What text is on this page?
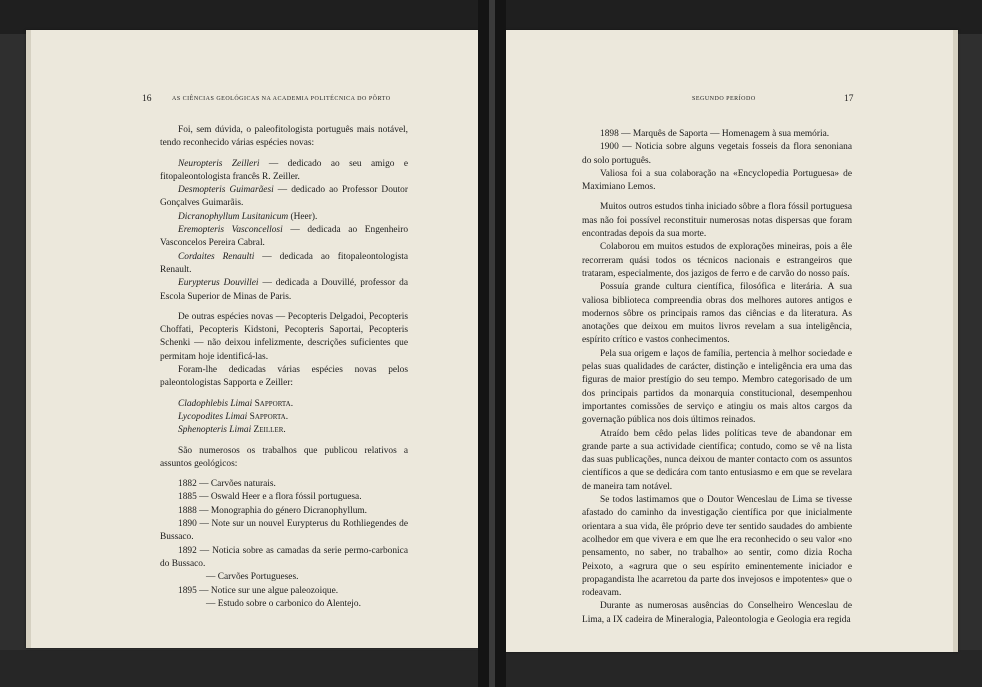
16	AS CIÊNCIAS GEOLÓGICAS NA ACADEMIA POLITÉCNICA DO PÔRTO

Foi, sem dúvida, o paleofitologista português mais notável, tendo reconhecido várias espécies novas:

Neuropteris Zeilleri — dedicado ao seu amigo e fitopaleontologista francês R. Zeiller.

Desmopteris Guimarãesi — dedicado ao Professor Doutor Gonçalves Guimarãis.

Dicranophyllum Lusitanicum (Heer).

Eremopteris Vasconcellosi — dedicada ao Engenheiro Vasconcelos Pereira Cabral.

Cordaites Renaulti — dedicada ao fitopaleontologista Renault.

Eurypterus Douvillei — dedicada a Douvillé, professor da Escola Superior de Minas de Paris.

De outras espécies novas — Pecopteris Delgadoi, Pecopteris Choffati, Pecopteris Kidstoni, Pecopteris Saportai, Pecopteris Schenki — não deixou infelizmente, descrições suficientes que permitam hoje identificá-las.

Foram-lhe dedicadas várias espécies novas pelos paleontologistas Sapporta e Zeiller:

Cladophlebis Limai Sapporta.

Lycopodites Limai Sapporta.

Sphenopteris Limai Zeiller.

São numerosos os trabalhos que publicou relativos a assuntos geológicos:

1882 — Carvões naturais.

1885 — Oswald Heer e a flora fóssil portuguesa.

1888 — Monographia do género Dicranophyllum.

1890 — Note sur un nouvel Eurypterus du Rothliegendes de Bussaco.

1892 — Noticia sobre as camadas da serie permo-carbonica do Bussaco.

— Carvões Portugueses.

1895 — Notice sur une algue paleozoique.

— Estudo sobre o carbonico do Alentejo.

SEGUNDO PERÍODO	17

1898 — Marquês de Saporta — Homenagem à sua memória.

1900 — Noticia sobre alguns vegetais fosseis da flora senoniana do solo português.

Valiosa foi a sua colaboração na «Encyclopedia Portuguesa» de Maximiano Lemos.

Muitos outros estudos tinha iniciado sôbre a flora fóssil portuguesa mas não foi possível reconstituir numerosas notas dispersas que foram encontradas depois da sua morte.

Colaborou em muitos estudos de explorações mineiras, pois a êle recorreram quási todos os técnicos nacionais e estrangeiros que trataram, especialmente, dos jazigos de ferro e de carvão do nosso país.

Possuía grande cultura científica, filosófica e literária. A sua valiosa biblioteca compreendia obras dos melhores autores antigos e modernos sôbre os principais ramos das ciências e da literatura. As anotações que deixou em muitos livros revelam a sua inteligência, espírito crítico e vastos conhecimentos.

Pela sua origem e laços de família, pertencia à melhor sociedade e pelas suas qualidades de carácter, distinção e inteligência era uma das figuras de maior prestígio do seu tempo. Membro categorisado de um dos principais partidos da monarquia constitucional, desempenhou importantes comissões de serviço e atingiu os mais altos cargos da governação pública nos dois últimos reinados.

Atraído bem cêdo pelas lides políticas teve de abandonar em grande parte a sua actividade científica; contudo, como se vê na lista das suas publicações, nunca deixou de manter contacto com os assuntos científicos a que se dedicára com tanto entusiasmo e em que se revelara de maneira tam notável.

Se todos lastimamos que o Doutor Wenceslau de Lima se tivesse afastado do caminho da investigação científica por que inicialmente orientara a sua vida, êle próprio deve ter sentido saudades do ambiente acolhedor em que vivera e em que lhe era reconhecido o seu valor «no pensamento, no saber, no trabalho» ao sentir, como dizia Rocha Peixoto, a «agrura que o seu espírito eminentemente iniciador e propagandista lhe acarretou da parte dos invejosos e impotentes» que o rodeavam.

Durante as numerosas ausências do Conselheiro Wenceslau de Lima, a IX cadeira de Mineralogia, Paleontologia e Geologia era regida
